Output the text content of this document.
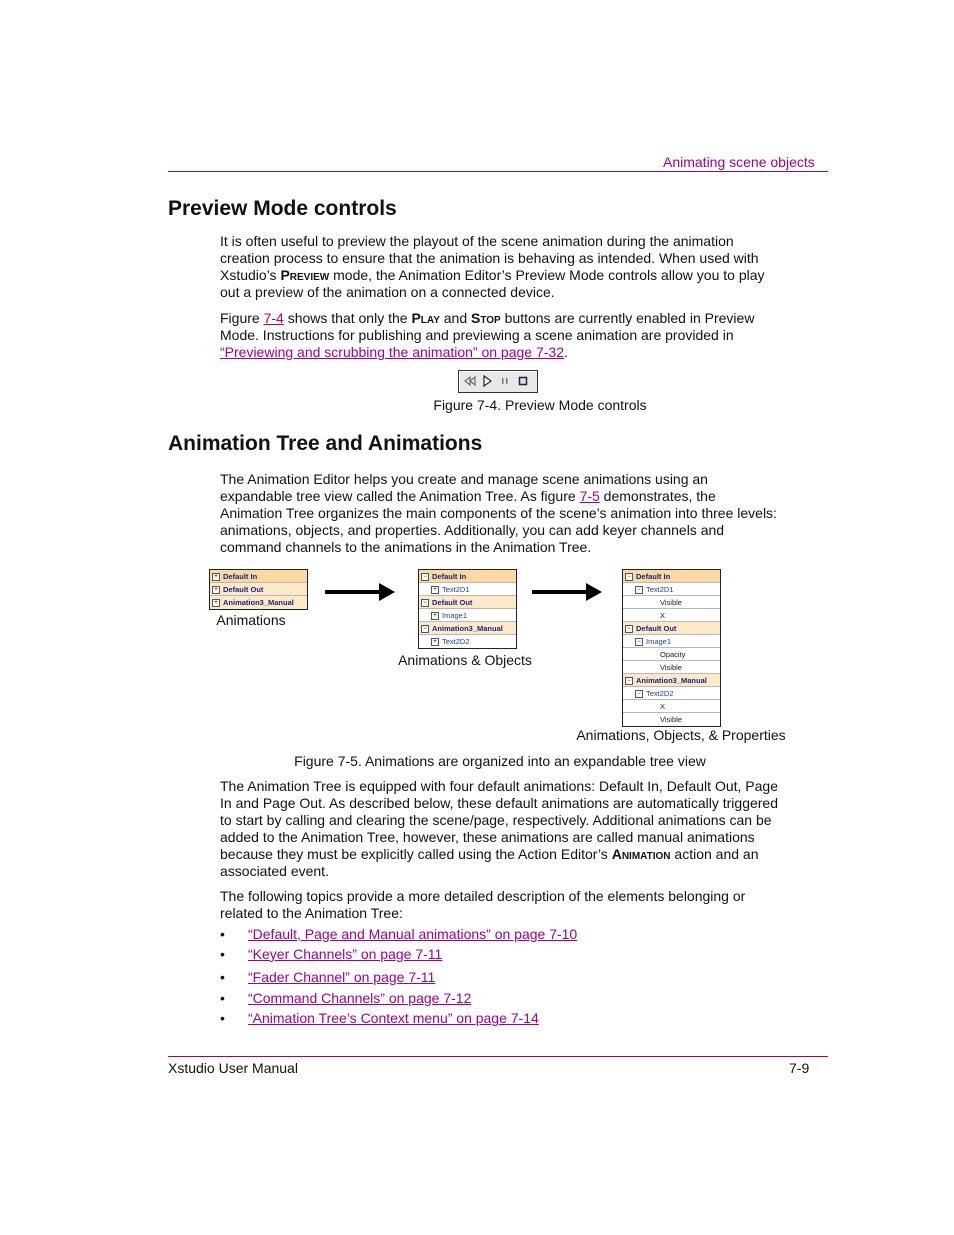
Animating scene objects
Preview Mode controls

It is often useful to preview the playout of the scene animation during the animation creation process to ensure that the animation is behaving as intended. When used with Xstudio’s Preview mode, the Animation Editor’s Preview Mode controls allow you to play out a preview of the animation on a connected device.

Figure 7-4 shows that only the Play and Stop buttons are currently enabled in Preview Mode. Instructions for publishing and previewing a scene animation are provided in “Previewing and scrubbing the animation” on page 7-32.

Figure 7-4. Preview Mode controls
Animation Tree and Animations

The Animation Editor helps you create and manage scene animations using an expandable tree view called the Animation Tree. As figure 7-5 demonstrates, the Animation Tree organizes the main components of the scene’s animation into three levels: animations, objects, and properties. Additionally, you can add keyer channels and command channels to the animations in the Animation Tree.

+ Default In
+ Default Out
+ Animation3_Manual
Animations
− Default In
+ Text2D1
− Default Out
+ Image1
− Animation3_Manual
+ Text2D2
Animations & Objects
− Default In
− Text2D1
Visible
X
− Default Out
− Image1
Opacity
Visible
− Animation3_Manual
− Text2D2
X
Visible
Animations, Objects, & Properties
Figure 7-5. Animations are organized into an expandable tree view

The Animation Tree is equipped with four default animations: Default In, Default Out, Page In and Page Out. As described below, these default animations are automatically triggered to start by calling and clearing the scene/page, respectively. Additional animations can be added to the Animation Tree, however, these animations are called manual animations because they must be explicitly called using the Action Editor’s Animation action and an associated event.

The following topics provide a more detailed description of the elements belonging or related to the Animation Tree:

• “Default, Page and Manual animations” on page 7-10
• “Keyer Channels” on page 7-11
• “Fader Channel” on page 7-11
• “Command Channels” on page 7-12
• “Animation Tree’s Context menu” on page 7-14
Xstudio User Manual	7-9
